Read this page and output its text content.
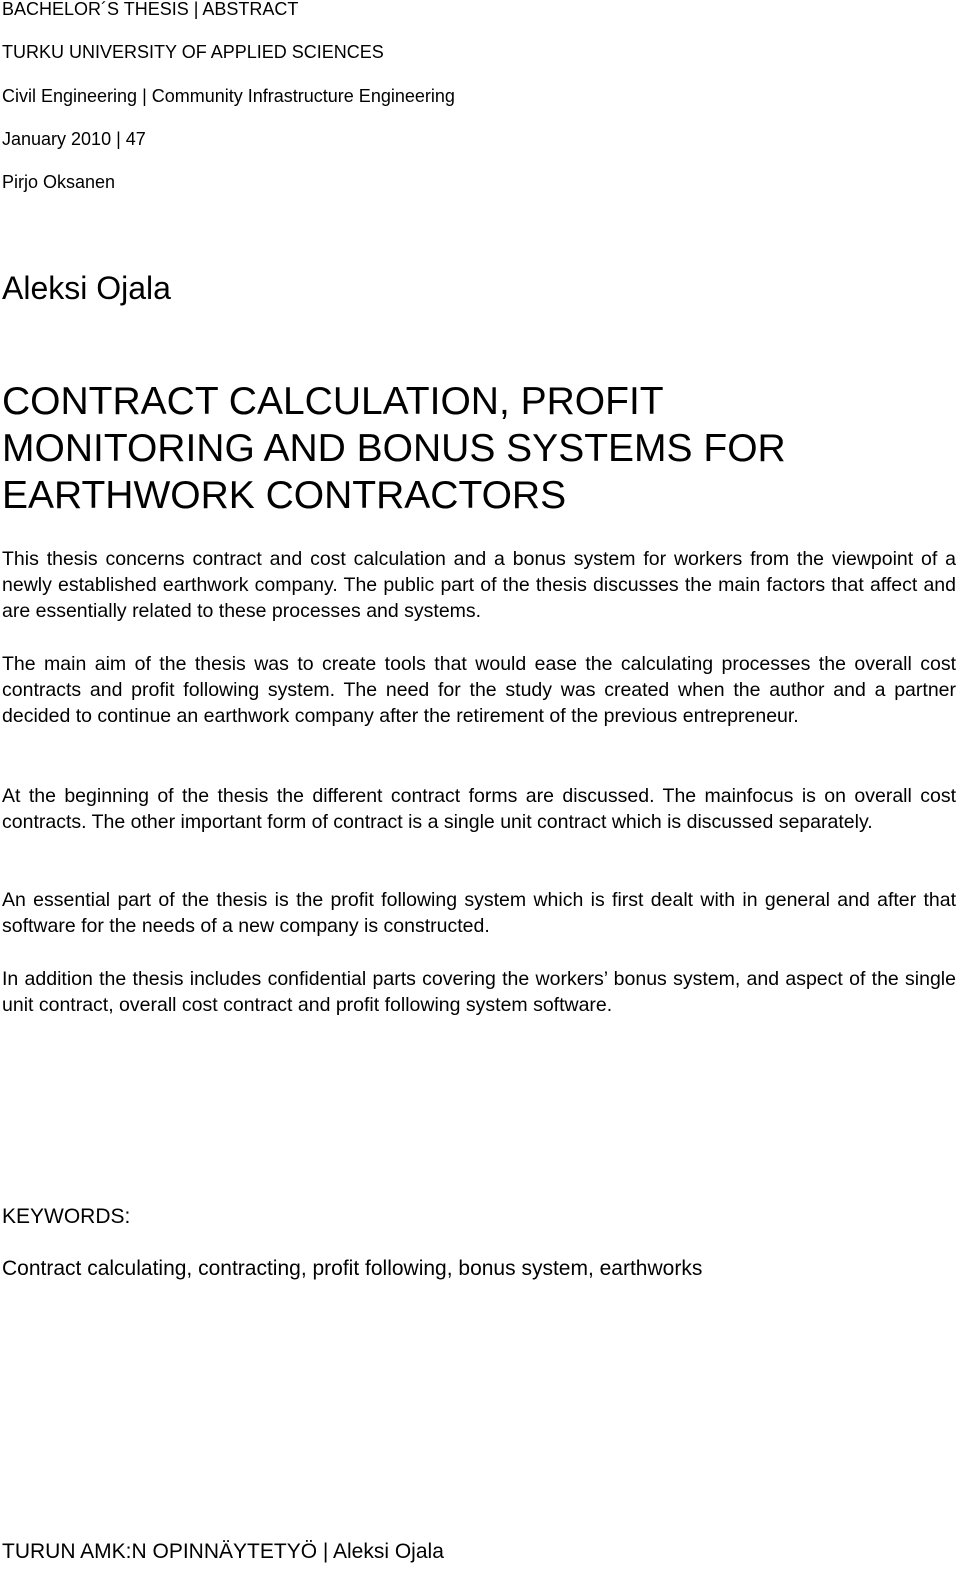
BACHELOR´S THESIS | ABSTRACT

TURKU UNIVERSITY OF APPLIED SCIENCES

Civil Engineering | Community Infrastructure Engineering

January 2010 | 47

Pirjo Oksanen

Aleksi Ojala

CONTRACT CALCULATION, PROFIT
MONITORING AND BONUS SYSTEMS FOR
EARTHWORK CONTRACTORS

This thesis concerns contract and cost calculation and a bonus system for workers from the viewpoint of a newly established earthwork company. The public part of the thesis discusses the main factors that affect and are essentially related to these processes and systems.

The main aim of the thesis was to create tools that would ease the calculating processes the overall cost contracts and profit following system. The need for the study was created when the author and a partner decided to continue an earthwork company after the retirement of the previous entrepreneur.

At the beginning of the thesis the different contract forms are discussed. The mainfocus is on overall cost contracts. The other important form of contract is a single unit contract which is discussed separately.

An essential part of the thesis is the profit following system which is first dealt with in general and after that software for the needs of a new company is constructed.

In addition the thesis includes confidential parts covering the workers’ bonus system, and aspect of the single unit contract, overall cost contract and profit following system software.

KEYWORDS:

Contract calculating, contracting, profit following, bonus system, earthworks

TURUN AMK:N OPINNÄYTETYÖ | Aleksi Ojala
